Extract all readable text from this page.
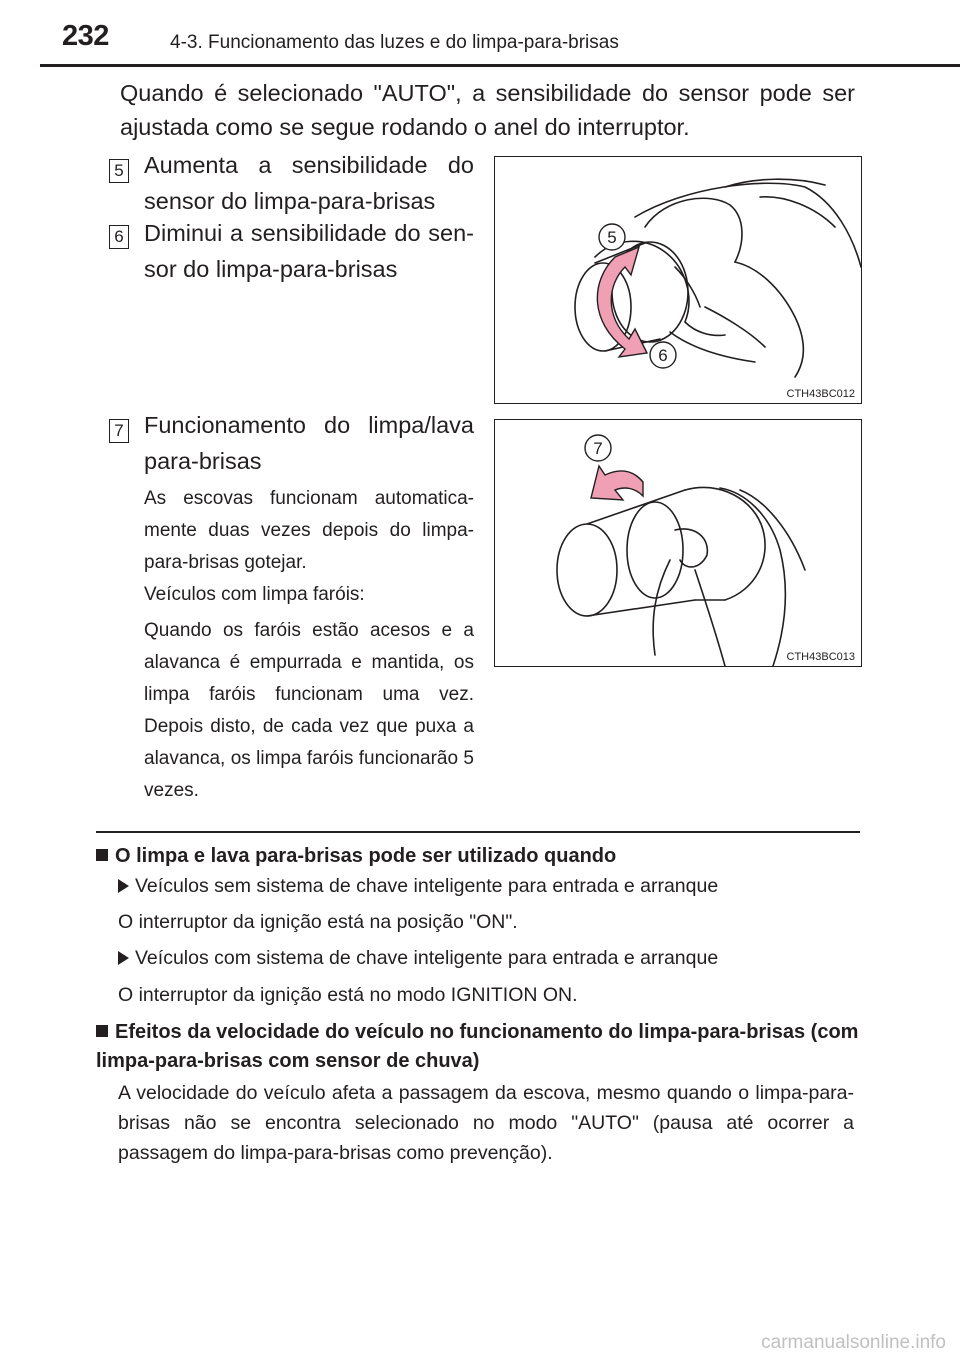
232	4-3. Funcionamento das luzes e do limpa-para-brisas
Quando é selecionado "AUTO", a sensibilidade do sensor pode ser ajustada como se segue rodando o anel do interruptor.
5 Aumenta a sensibilidade do sensor do limpa-para-brisas
6 Diminui a sensibilidade do sen-sor do limpa-para-brisas
7 Funcionamento do limpa/lava para-brisas
As escovas funcionam automatica-mente duas vezes depois do limpa-para-brisas gotejar.
Veículos com limpa faróis:
Quando os faróis estão acesos e a alavanca é empurrada e mantida, os limpa faróis funcionam uma vez. Depois disto, de cada vez que puxa a alavanca, os limpa faróis funcionarão 5 vezes.
5
6
CTH43BC012
7
CTH43BC013
O limpa e lava para-brisas pode ser utilizado quando
Veículos sem sistema de chave inteligente para entrada e arranque
O interruptor da ignição está na posição "ON".
Veículos com sistema de chave inteligente para entrada e arranque
O interruptor da ignição está no modo IGNITION ON.
Efeitos da velocidade do veículo no funcionamento do limpa-para-brisas (com limpa-para-brisas com sensor de chuva)
A velocidade do veículo afeta a passagem da escova, mesmo quando o limpa-para-brisas não se encontra selecionado no modo "AUTO" (pausa até ocorrer a passagem do limpa-para-brisas como prevenção).
carmanualsonline.info
